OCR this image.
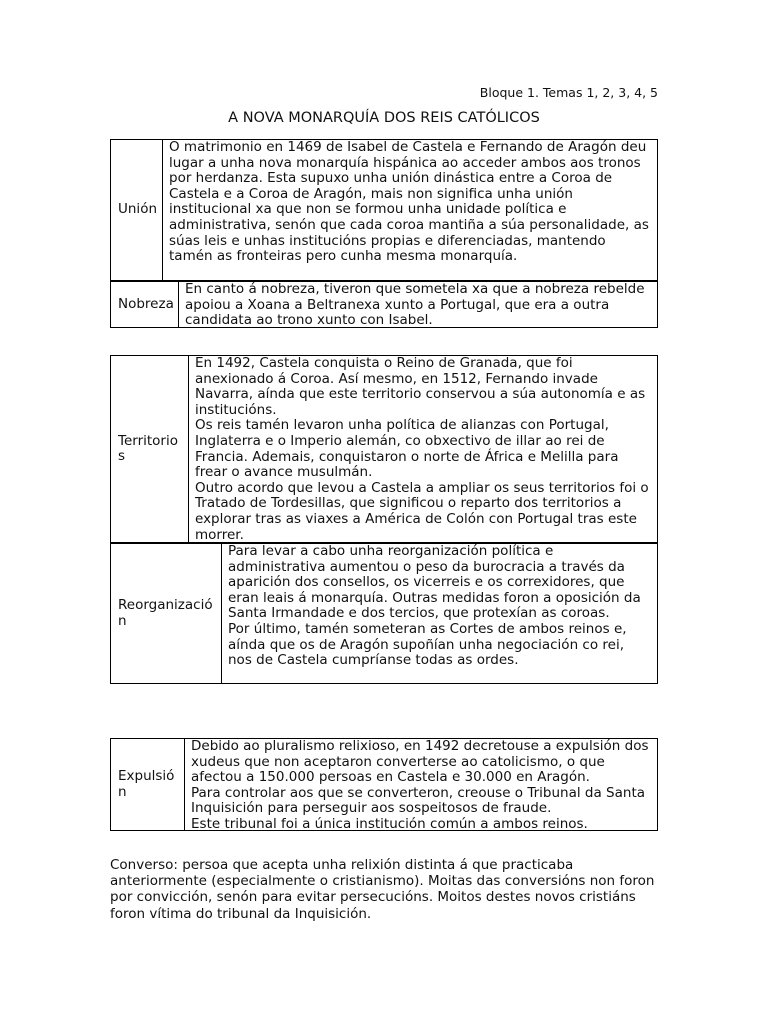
Bloque 1. Temas 1, 2, 3, 4, 5
A NOVA MONARQUÍA DOS REIS CATÓLICOS
Unión

O matrimonio en 1469 de Isabel de Castela e Fernando de Aragón deu lugar a unha nova monarquía hispánica ao acceder ambos aos tronos por herdanza. Esta supuxo unha unión dinástica entre a Coroa de Castela e a Coroa de Aragón, mais non significa unha unión institucional xa que non se formou unha unidade política e administrativa, senón que cada coroa mantiña a súa personalidade, as súas leis e unhas institucións propias e diferenciadas, mantendo tamén as fronteiras pero cunha mesma monarquía.

Nobreza

En canto á nobreza, tiveron que sometela xa que a nobreza rebelde apoiou a Xoana a Beltranexa xunto a Portugal, que era a outra candidata ao trono xunto con Isabel.

Territorios

En 1492, Castela conquista o Reino de Granada, que foi anexionado á Coroa. Así mesmo, en 1512, Fernando invade Navarra, aínda que este territorio conservou a súa autonomía e as institucións.

Os reis tamén levaron unha política de alianzas con Portugal, Inglaterra e o Imperio alemán, co obxectivo de illar ao rei de Francia. Ademais, conquistaron o norte de África e Melilla para frear o avance musulmán.

Outro acordo que levou a Castela a ampliar os seus territorios foi o Tratado de Tordesillas, que significou o reparto dos territorios a explorar tras as viaxes a América de Colón con Portugal tras este morrer.

Reorganización

Para levar a cabo unha reorganización política e administrativa aumentou o peso da burocracia a través da aparición dos consellos, os vicerreis e os correxidores, que eran leais á monarquía. Outras medidas foron a oposición da Santa Irmandade e dos tercios, que protexían as coroas.

Por último, tamén someteran as Cortes de ambos reinos e, aínda que os de Aragón supoñían unha negociación co rei, nos de Castela cumpríanse todas as ordes.

Expulsión

Debido ao pluralismo relixioso, en 1492 decretouse a expulsión dos xudeus que non aceptaron converterse ao catolicismo, o que afectou a 150.000 persoas en Castela e 30.000 en Aragón.

Para controlar aos que se converteron, creouse o Tribunal da Santa Inquisición para perseguir aos sospeitosos de fraude.

Este tribunal foi a única institución común a ambos reinos.

Converso: persoa que acepta unha relixión distinta á que practicaba anteriormente (especialmente o cristianismo). Moitas das conversións non foron por convicción, senón para evitar persecucións. Moitos destes novos cristiáns foron vítima do tribunal da Inquisición.
